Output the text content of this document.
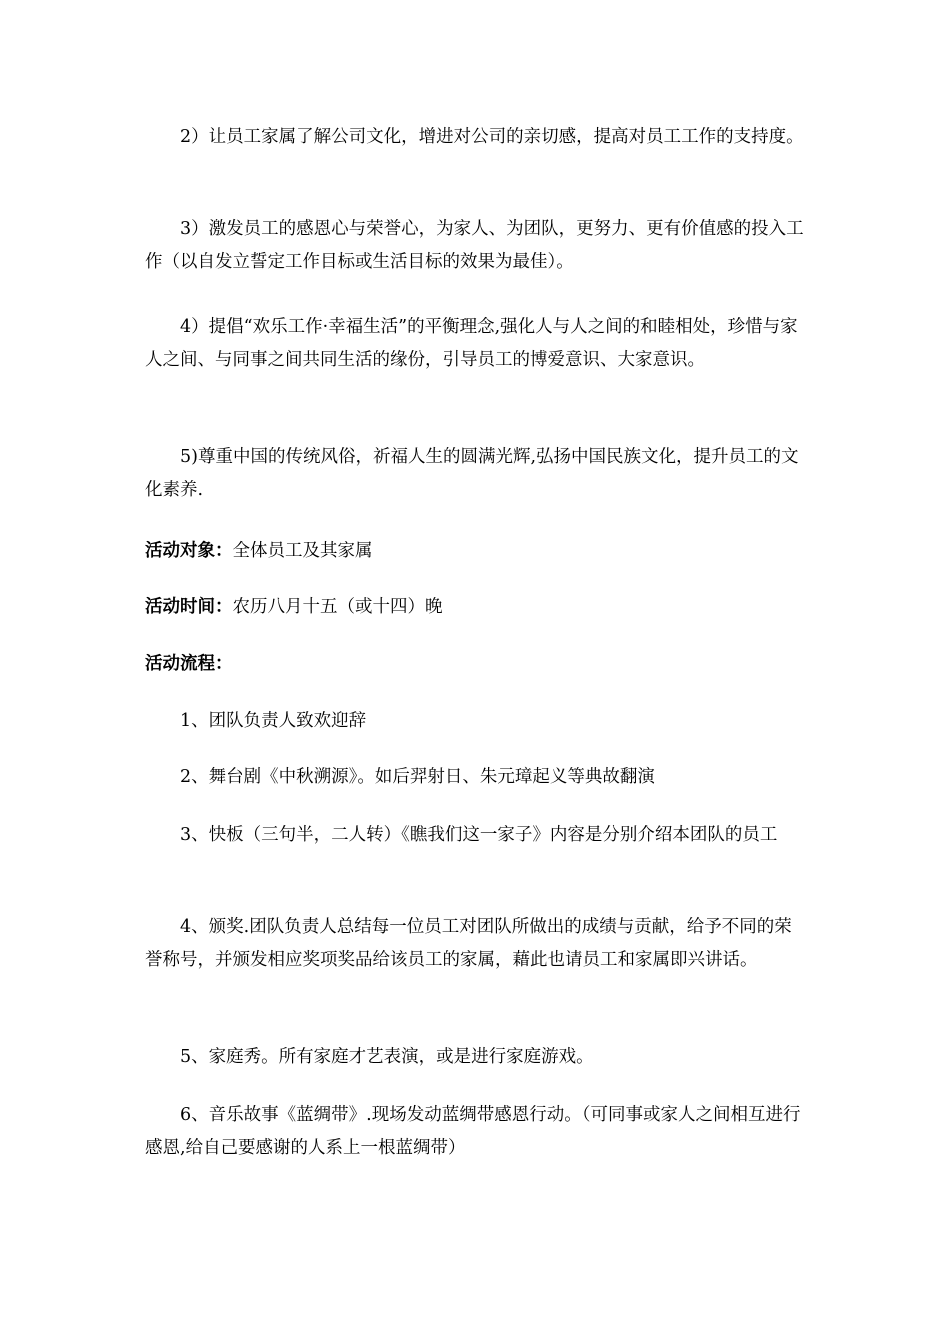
2）让员工家属了解公司文化，增进对公司的亲切感，提高对员工工作的支持度。

3）激发员工的感恩心与荣誉心，为家人、为团队，更努力、更有价值感的投入工作（以自发立誓定工作目标或生活目标的效果为最佳）。

4）提倡“欢乐工作·幸福生活”的平衡理念,强化人与人之间的和睦相处，珍惜与家人之间、与同事之间共同生活的缘份，引导员工的博爱意识、大家意识。

5)尊重中国的传统风俗，祈福人生的圆满光辉,弘扬中国民族文化，提升员工的文化素养.

活动对象：全体员工及其家属

活动时间：农历八月十五（或十四）晚

活动流程：

1、团队负责人致欢迎辞

2、舞台剧《中秋溯源》。如后羿射日、朱元璋起义等典故翻演

3、快板（三句半，二人转）《瞧我们这一家子》内容是分别介绍本团队的员工

4、颁奖.团队负责人总结每一位员工对团队所做出的成绩与贡献，给予不同的荣誉称号，并颁发相应奖项奖品给该员工的家属，藉此也请员工和家属即兴讲话。

5、家庭秀。所有家庭才艺表演，或是进行家庭游戏。

6、音乐故事《蓝绸带》.现场发动蓝绸带感恩行动。（可同事或家人之间相互进行感恩,给自己要感谢的人系上一根蓝绸带）
